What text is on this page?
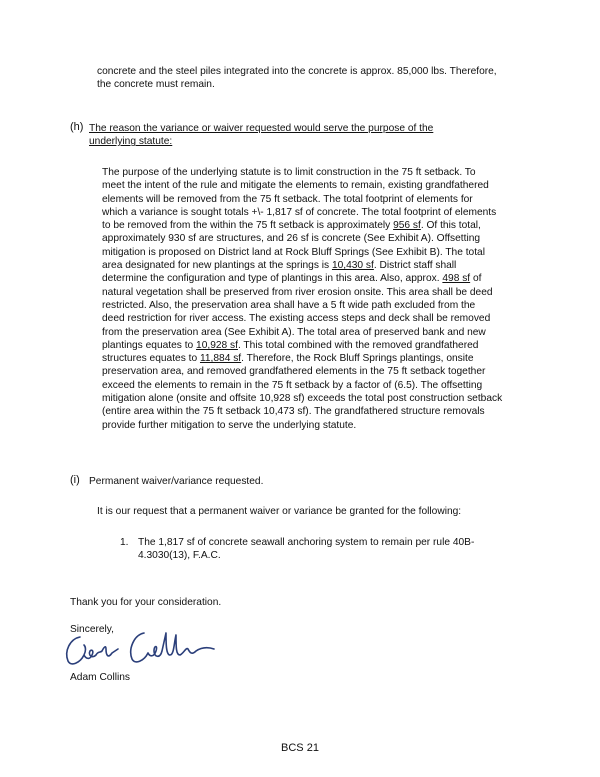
concrete and the steel piles integrated into the concrete is approx. 85,000 lbs. Therefore,
the concrete must remain.
(h) The reason the variance or waiver requested would serve the purpose of the
underlying statute:
The purpose of the underlying statute is to limit construction in the 75 ft setback. To
meet the intent of the rule and mitigate the elements to remain, existing grandfathered
elements will be removed from the 75 ft setback. The total footprint of elements for
which a variance is sought totals +\- 1,817 sf of concrete. The total footprint of elements
to be removed from the within the 75 ft setback is approximately 956 sf. Of this total,
approximately 930 sf are structures, and 26 sf is concrete (See Exhibit A). Offsetting
mitigation is proposed on District land at Rock Bluff Springs (See Exhibit B). The total
area designated for new plantings at the springs is 10,430 sf. District staff shall
determine the configuration and type of plantings in this area. Also, approx. 498 sf of
natural vegetation shall be preserved from river erosion onsite. This area shall be deed
restricted. Also, the preservation area shall have a 5 ft wide path excluded from the
deed restriction for river access. The existing access steps and deck shall be removed
from the preservation area (See Exhibit A). The total area of preserved bank and new
plantings equates to 10,928 sf. This total combined with the removed grandfathered
structures equates to 11,884 sf. Therefore, the Rock Bluff Springs plantings, onsite
preservation area, and removed grandfathered elements in the 75 ft setback together
exceed the elements to remain in the 75 ft setback by a factor of (6.5). The offsetting
mitigation alone (onsite and offsite 10,928 sf) exceeds the total post construction setback
(entire area within the 75 ft setback 10,473 sf). The grandfathered structure removals
provide further mitigation to serve the underlying statute.
(i) Permanent waiver/variance requested.
It is our request that a permanent waiver or variance be granted for the following:
1. The 1,817 sf of concrete seawall anchoring system to remain per rule 40B-
4.3030(13), F.A.C.
Thank you for your consideration.
Sincerely,
Adam Collins
BCS 21
